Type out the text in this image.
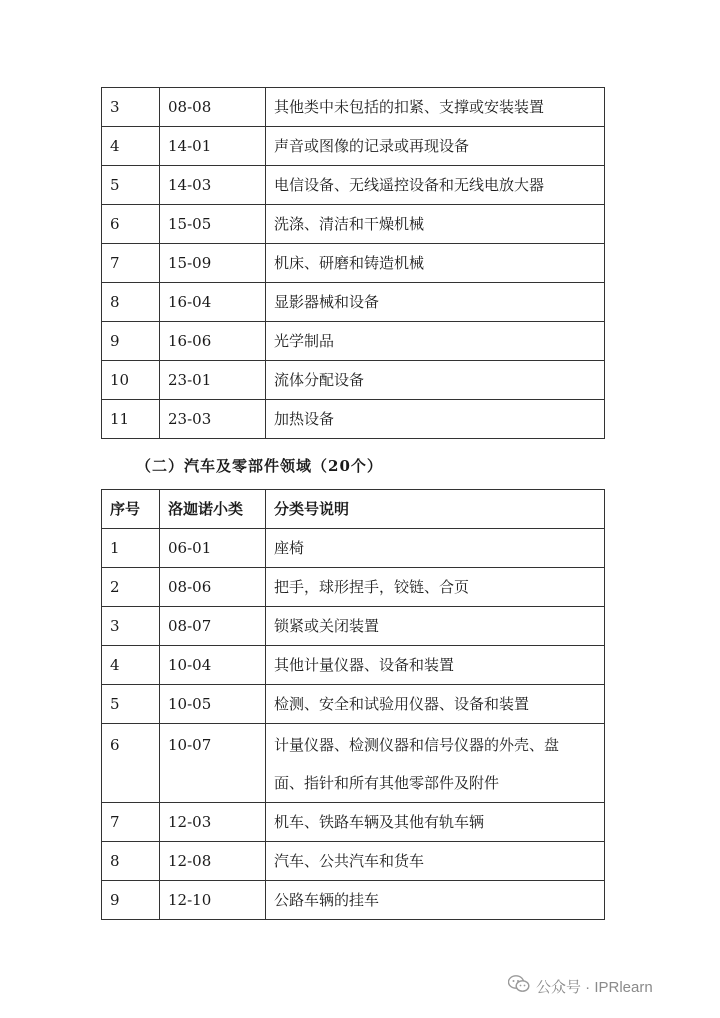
3	08-08	其他类中未包括的扣紧、支撑或安装装置
4	14-01	声音或图像的记录或再现设备
5	14-03	电信设备、无线遥控设备和无线电放大器
6	15-05	洗涤、清洁和干燥机械
7	15-09	机床、研磨和铸造机械
8	16-04	显影器械和设备
9	16-06	光学制品
10	23-01	流体分配设备
11	23-03	加热设备
（二）汽车及零部件领域（20个）
序号	洛迦诺小类	分类号说明
1	06-01	座椅
2	08-06	把手，球形捏手，铰链、合页
3	08-07	锁紧或关闭装置
4	10-04	其他计量仪器、设备和装置
5	10-05	检测、安全和试验用仪器、设备和装置
6	10-07	计量仪器、检测仪器和信号仪器的外壳、盘
面、指针和所有其他零部件及附件

7	12-03	机车、铁路车辆及其他有轨车辆
8	12-08	汽车、公共汽车和货车
9	12-10	公路车辆的挂车
公众号 · IPRlearn
